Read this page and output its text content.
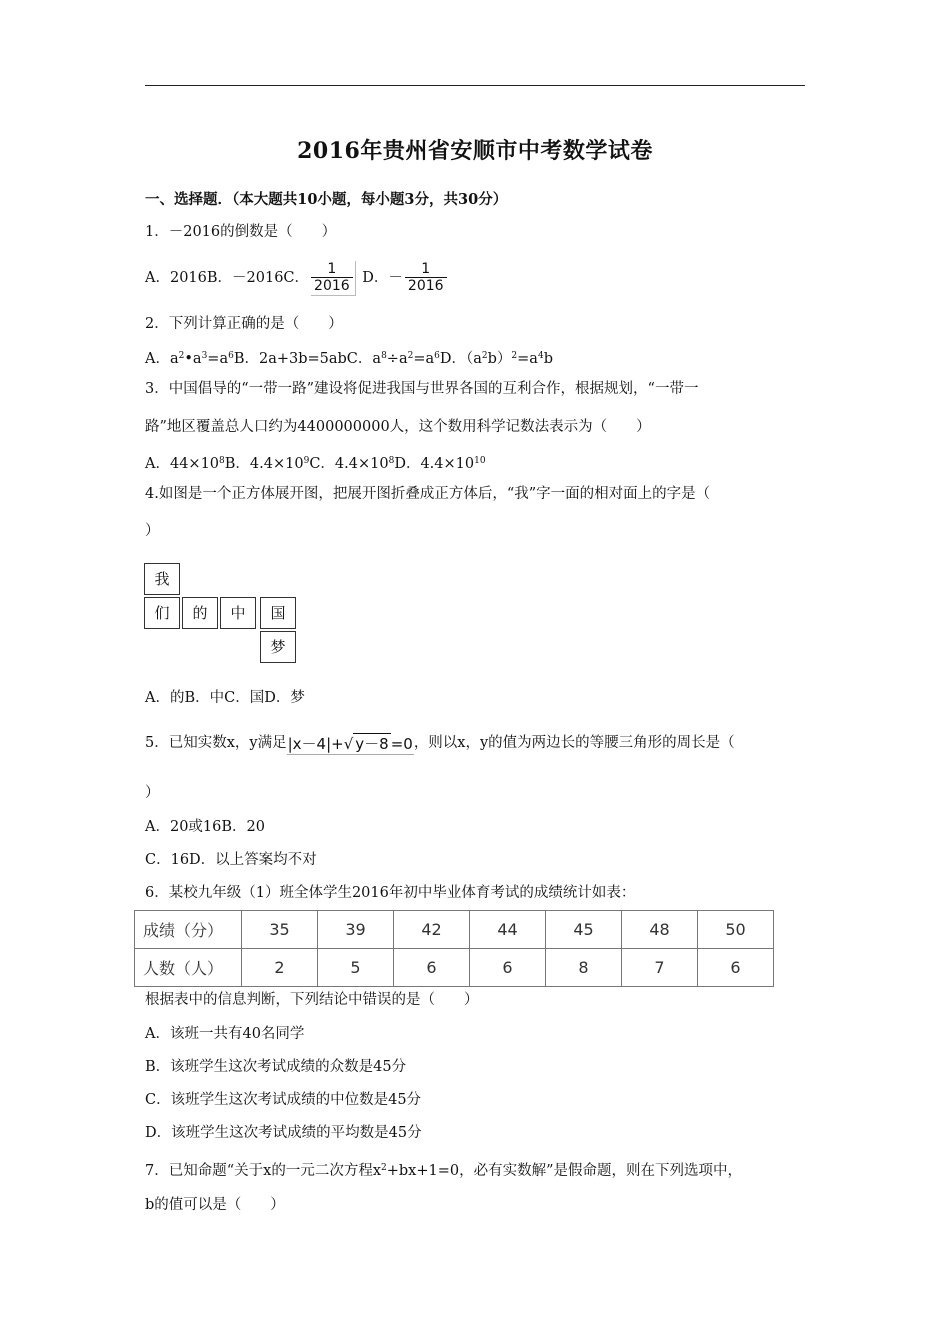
2016年贵州省安顺市中考数学试卷
一、选择题．（本大题共10小题，每小题3分，共30分）
1．－2016的倒数是（　　）
A．2016B．－2016C． $\frac{1}{2016}$ D．－ $\frac{1}{2016}$
2．下列计算正确的是（　　）
A．$a^2•a^3=a^6B$．2a+3b=5abC．$a^8\div a^2=a^6D$．$(a^2b)^2=a^4b$
3．中国倡导的“一带一路”建设将促进我国与世界各国的互利合作，根据规划，“一带一
路”地区覆盖总人口约为4400000000人，这个数用科学记数法表示为（　　）
A．$44\times 10^8B$．$4.4\times 10^9C$．$4.4\times 10^8D$．$4.4\times 10^{10}$
4.如图是一个正方体展开图，把展开图折叠成正方体后，“我”字一面的相对面上的字是（
）
我
们	的	中	国
梦
A．的B．中C．国D．梦
5．已知实数x，y满足|x－4|+√ y－8 =0，则以x，y的值为两边长的等腰三角形的周长是（
）
A．20或16B．20
C．16D．以上答案均不对
6．某校九年级（1）班全体学生2016年初中毕业体育考试的成绩统计如表：
成绩（分）	35	39	42	44	45	48	50
人数（人）	2	5	6	6	8	7	6
根据表中的信息判断，下列结论中错误的是（　　）
A．该班一共有40名同学
B．该班学生这次考试成绩的众数是45分
C．该班学生这次考试成绩的中位数是45分
D．该班学生这次考试成绩的平均数是45分
7．已知命题“关于x的一元二次方程$x^2+bx+1=0$，必有实数解”是假命题，则在下列选项中，
b的值可以是（　　）
